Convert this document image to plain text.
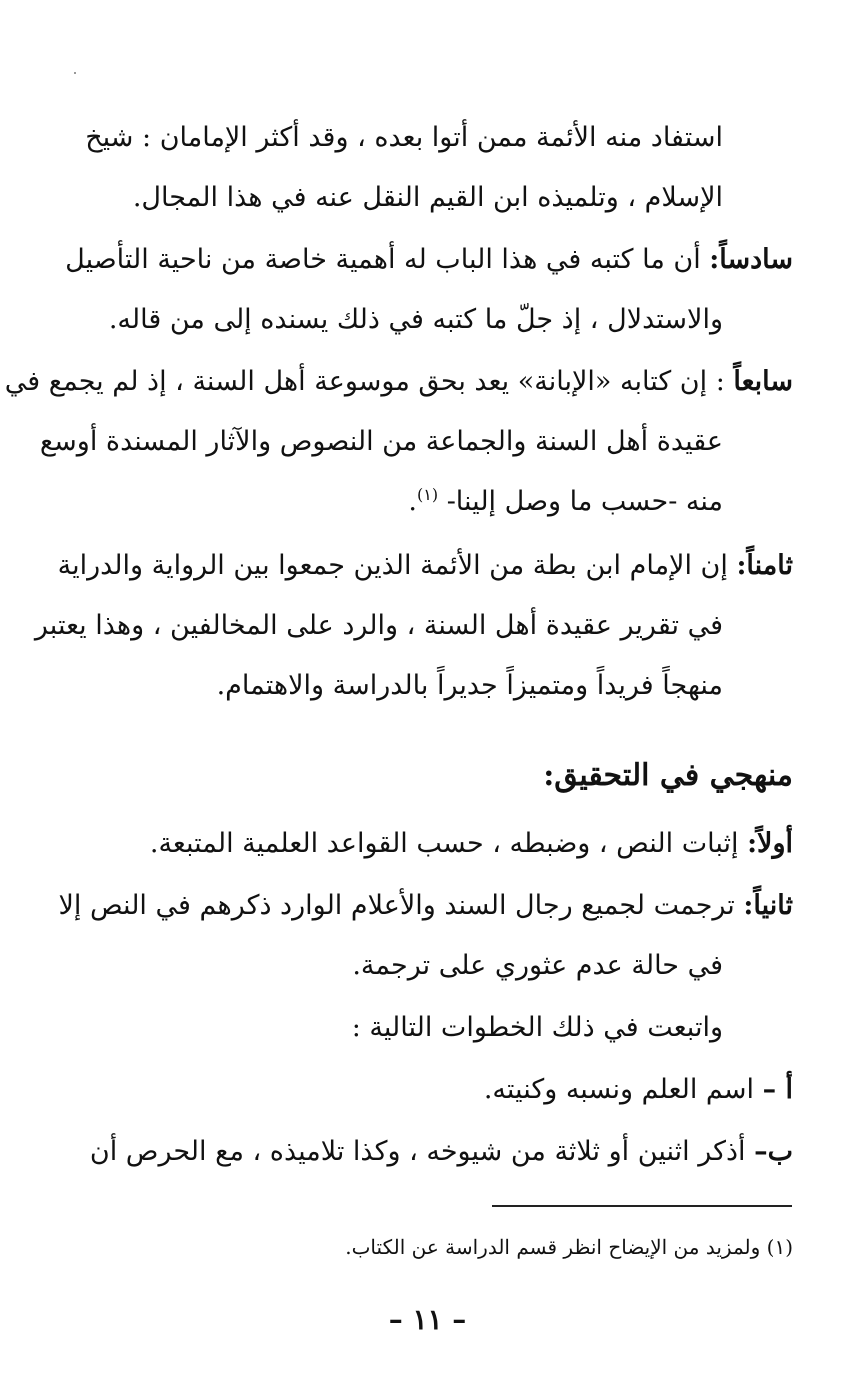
استفاد منه الأئمة ممن أتوا بعده ، وقد أكثر الإمامان : شيخ
الإسلام ، وتلميذه ابن القيم النقل عنه في هذا المجال.
سادساً: أن ما كتبه في هذا الباب له أهمية خاصة من ناحية التأصيل
والاستدلال ، إذ جلّ ما كتبه في ذلك يسنده إلى من قاله.
سابعاً : إن كتابه «الإبانة» يعد بحق موسوعة أهل السنة ، إذ لم يجمع في
عقيدة أهل السنة والجماعة من النصوص والآثار المسندة أوسع
منه -حسب ما وصل إلينا- $^{(١)}$.
ثامناً: إن الإمام ابن بطة من الأئمة الذين جمعوا بين الرواية والدراية
في تقرير عقيدة أهل السنة ، والرد على المخالفين ، وهذا يعتبر
منهجاً فريداً ومتميزاً جديراً بالدراسة والاهتمام.
منهجي في التحقيق:
أولاً: إثبات النص ، وضبطه ، حسب القواعد العلمية المتبعة.
ثانياً: ترجمت لجميع رجال السند والأعلام الوارد ذكرهم في النص إلا
في حالة عدم عثوري على ترجمة.
واتبعت في ذلك الخطوات التالية :
أ – اسم العلم ونسبه وكنيته.
ب– أذكر اثنين أو ثلاثة من شيوخه ، وكذا تلاميذه ، مع الحرص أن
(١) ولمزيد من الإيضاح انظر قسم الدراسة عن الكتاب.
– ١١ –
